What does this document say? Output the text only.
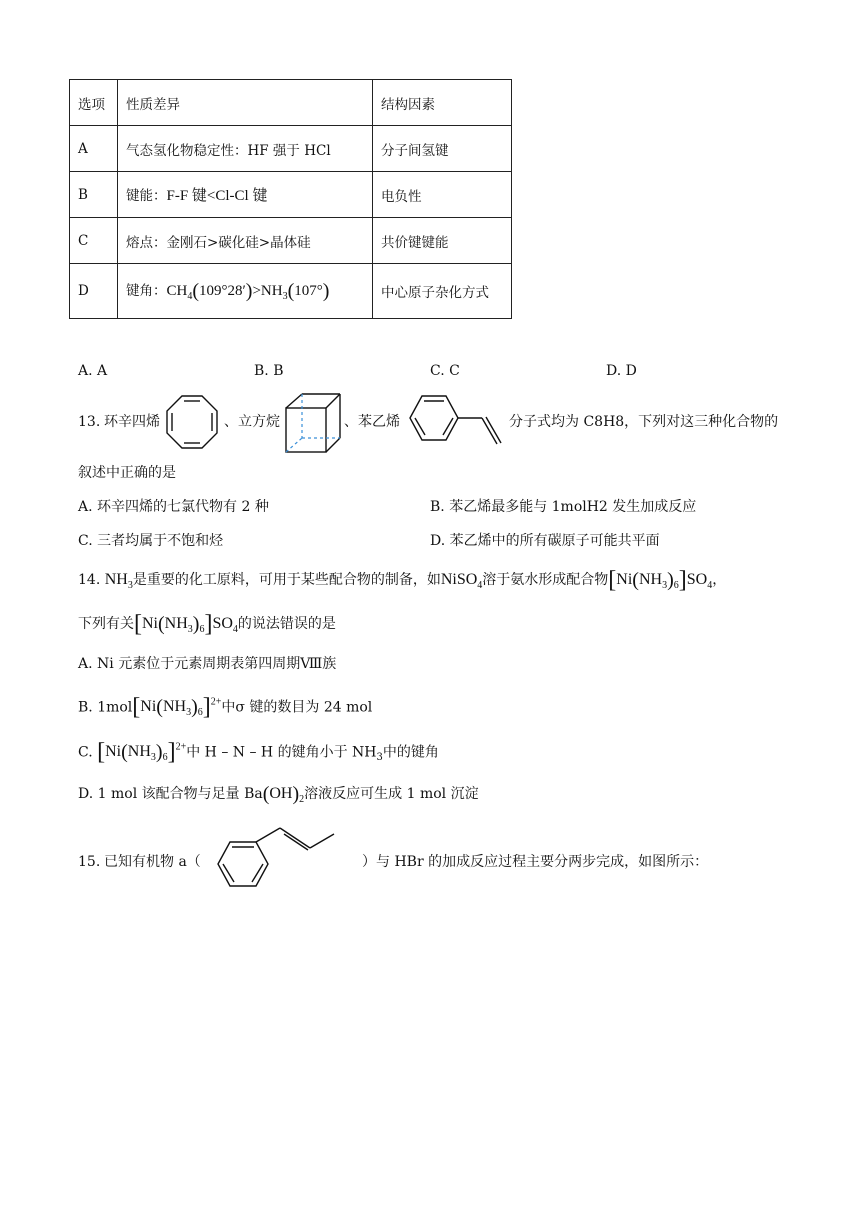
选项	性质差异	结构因素
A	气态氢化物稳定性：HF 强于 HCl	分子间氢键
B	键能：F-F 键<Cl-Cl 键	电负性
C	熔点：金刚石>碳化硅>晶体硅	共价键键能
D	键角：$CH_4(109^\circ 28')>NH_3(107^\circ)$	中心原子杂化方式
A. A	B. B	C. C	D. D
13. 环辛四烯	、立方烷	、苯乙烯	分子式均为 C8H8，下列对这三种化合物的
叙述中正确的是
A. 环辛四烯的七氯代物有 2 种	B. 苯乙烯最多能与 1molH2 发生加成反应
C. 三者均属于不饱和烃	D. 苯乙烯中的所有碳原子可能共平面
14. $NH_3$是重要的化工原料，可用于某些配合物的制备，如NiSO$_4$溶于氨水形成配合物$[Ni(NH_3)_6]SO_4$，
下列有关$[Ni(NH_3)_6]SO_4$的说法错误的是
A. Ni 元素位于元素周期表第四周期Ⅷ族
B. $1mol[Ni(NH_3)_6]^{2+}$中σ 键的数目为 24 mol
C. $[Ni(NH_3)_6]^{2+}$中 H – N – H 的键角小于 $NH_3$中的键角
D. 1 mol 该配合物与足量 $Ba(OH)_2$溶液反应可生成 1 mol 沉淀
15. 已知有机物 a（	）与 HBr 的加成反应过程主要分两步完成，如图所示：
